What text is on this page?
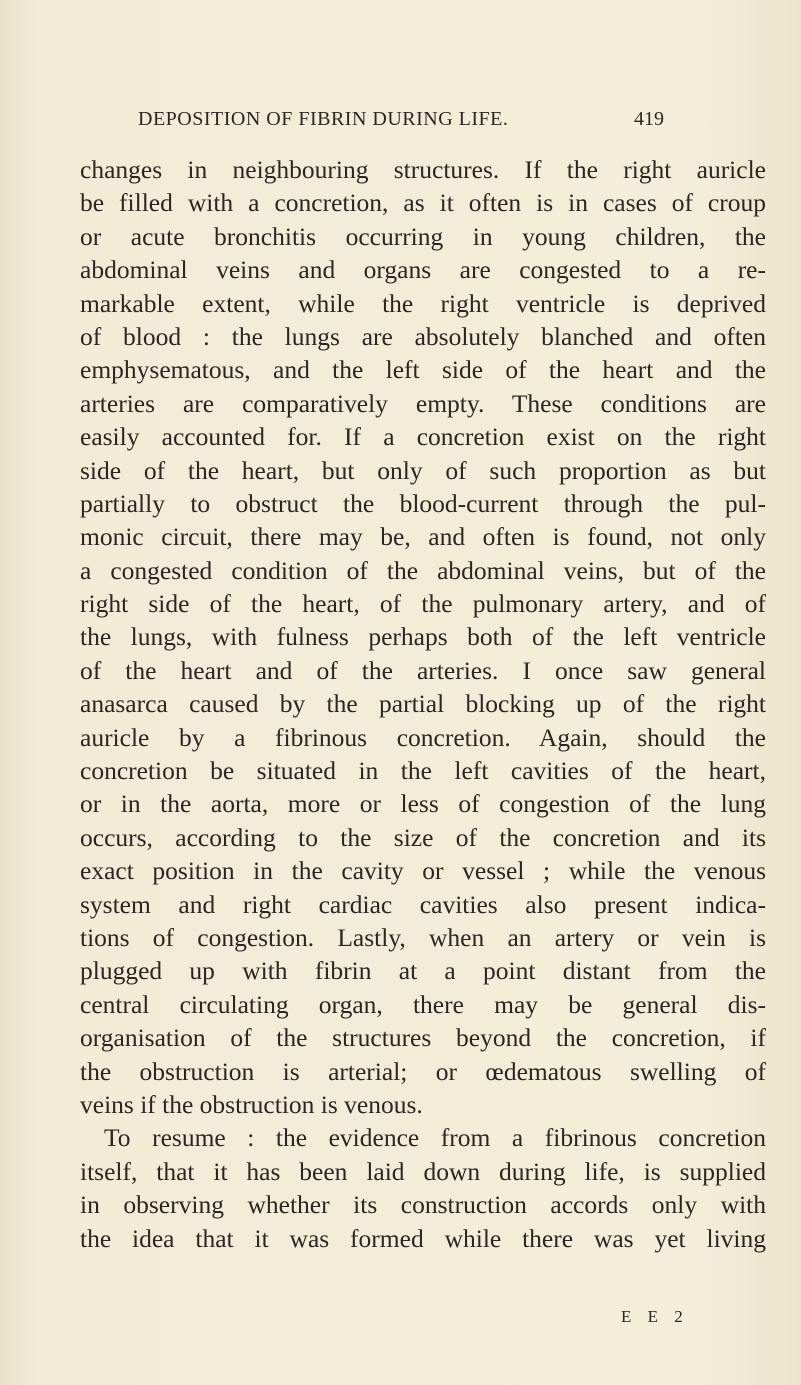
DEPOSITION OF FIBRIN DURING LIFE.	419
changes in neighbouring structures. If the right auricle
be filled with a concretion, as it often is in cases of croup
or acute bronchitis occurring in young children, the
abdominal veins and organs are congested to a re-
markable extent, while the right ventricle is deprived
of blood : the lungs are absolutely blanched and often
emphysematous, and the left side of the heart and the
arteries are comparatively empty. These conditions are
easily accounted for. If a concretion exist on the right
side of the heart, but only of such proportion as but
partially to obstruct the blood-current through the pul-
monic circuit, there may be, and often is found, not only
a congested condition of the abdominal veins, but of the
right side of the heart, of the pulmonary artery, and of
the lungs, with fulness perhaps both of the left ventricle
of the heart and of the arteries. I once saw general
anasarca caused by the partial blocking up of the right
auricle by a fibrinous concretion. Again, should the
concretion be situated in the left cavities of the heart,
or in the aorta, more or less of congestion of the lung
occurs, according to the size of the concretion and its
exact position in the cavity or vessel ; while the venous
system and right cardiac cavities also present indica-
tions of congestion. Lastly, when an artery or vein is
plugged up with fibrin at a point distant from the
central circulating organ, there may be general dis-
organisation of the structures beyond the concretion, if
the obstruction is arterial; or œdematous swelling of
veins if the obstruction is venous.
To resume : the evidence from a fibrinous concretion
itself, that it has been laid down during life, is supplied
in observing whether its construction accords only with
the idea that it was formed while there was yet living
E E 2
